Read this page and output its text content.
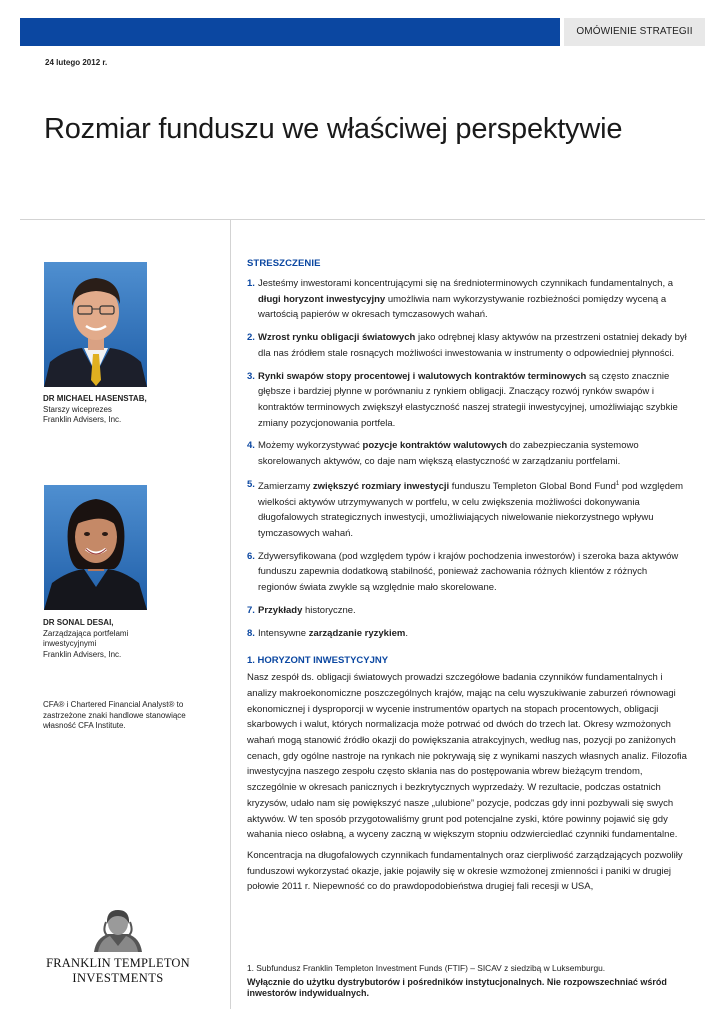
OMÓWIENIE STRATEGII
24 lutego 2012 r.
Rozmiar funduszu we właściwej perspektywie
DR MICHAEL HASENSTAB,
Starszy wiceprezes
Franklin Advisers, Inc.
DR SONAL DESAI,
Zarządzająca portfelami
inwestycyjnymi
Franklin Advisers, Inc.
CFA® i Chartered Financial Analyst® to zastrzeżone znaki handlowe stanowiące własność CFA Institute.
FRANKLIN TEMPLETON
INVESTMENTS
STRESZCZENIE
1. Jesteśmy inwestorami koncentrującymi się na średnioterminowych czynnikach fundamentalnych, a długi horyzont inwestycyjny umożliwia nam wykorzystywanie rozbieżności pomiędzy wyceną a wartością papierów w okresach tymczasowych wahań.
2. Wzrost rynku obligacji światowych jako odrębnej klasy aktywów na przestrzeni ostatniej dekady był dla nas źródłem stale rosnących możliwości inwestowania w instrumenty o odpowiedniej płynności.
3. Rynki swapów stopy procentowej i walutowych kontraktów terminowych są często znacznie głębsze i bardziej płynne w porównaniu z rynkiem obligacji. Znaczący rozwój rynków swapów i kontraktów terminowych zwiększył elastyczność naszej strategii inwestycyjnej, umożliwiając szybkie zmiany pozycjonowania portfela.
4. Możemy wykorzystywać pozycje kontraktów walutowych do zabezpieczania systemowo skorelowanych aktywów, co daje nam większą elastyczność w zarządzaniu portfelami.
5. Zamierzamy zwiększyć rozmiary inwestycji funduszu Templeton Global Bond Fund$^1$ pod względem wielkości aktywów utrzymywanych w portfelu, w celu zwiększenia możliwości dokonywania długofalowych strategicznych inwestycji, umożliwiających niwelowanie niekorzystnego wpływu tymczasowych wahań.
6. Zdywersyfikowana (pod względem typów i krajów pochodzenia inwestorów) i szeroka baza aktywów funduszu zapewnia dodatkową stabilność, ponieważ zachowania różnych klientów z różnych regionów świata zwykle są względnie mało skorelowane.
7. Przykłady historyczne.
8. Intensywne zarządzanie ryzykiem.
1. HORYZONT INWESTYCYJNY
Nasz zespół ds. obligacji światowych prowadzi szczegółowe badania czynników fundamentalnych i analizy makroekonomiczne poszczególnych krajów, mając na celu wyszukiwanie zaburzeń równowagi ekonomicznej i dysproporcji w wycenie instrumentów opartych na stopach procentowych, obligacji skarbowych i walut, których normalizacja może potrwać od dwóch do trzech lat. Okresy wzmożonych wahań mogą stanowić źródło okazji do powiększania atrakcyjnych, według nas, pozycji po zaniżonych cenach, gdy ogólne nastroje na rynkach nie pokrywają się z wynikami naszych własnych analiz. Filozofia inwestycyjna naszego zespołu często skłania nas do postępowania wbrew bieżącym trendom, szczególnie w okresach panicznych i bezkrytycznych wyprzedaży. W rezultacie, podczas ostatnich kryzysów, udało nam się powiększyć nasze „ulubione” pozycje, podczas gdy inni pozbywali się swych aktywów. W ten sposób przygotowaliśmy grunt pod potencjalne zyski, które powinny pojawić się gdy wahania nieco osłabną, a wyceny zaczną w większym stopniu odzwierciedlać czynniki fundamentalne.
Koncentracja na długofalowych czynnikach fundamentalnych oraz cierpliwość zarządzających pozwoliły funduszowi wykorzystać okazje, jakie pojawiły się w okresie wzmożonej zmienności i paniki w drugiej połowie 2011 r. Niepewność co do prawdopodobieństwa drugiej fali recesji w USA,
1. Subfundusz Franklin Templeton Investment Funds (FTIF) – SICAV z siedzibą w Luksemburgu.
Wyłącznie do użytku dystrybutorów i pośredników instytucjonalnych. Nie rozpowszechniać wśród inwestorów indywidualnych.
